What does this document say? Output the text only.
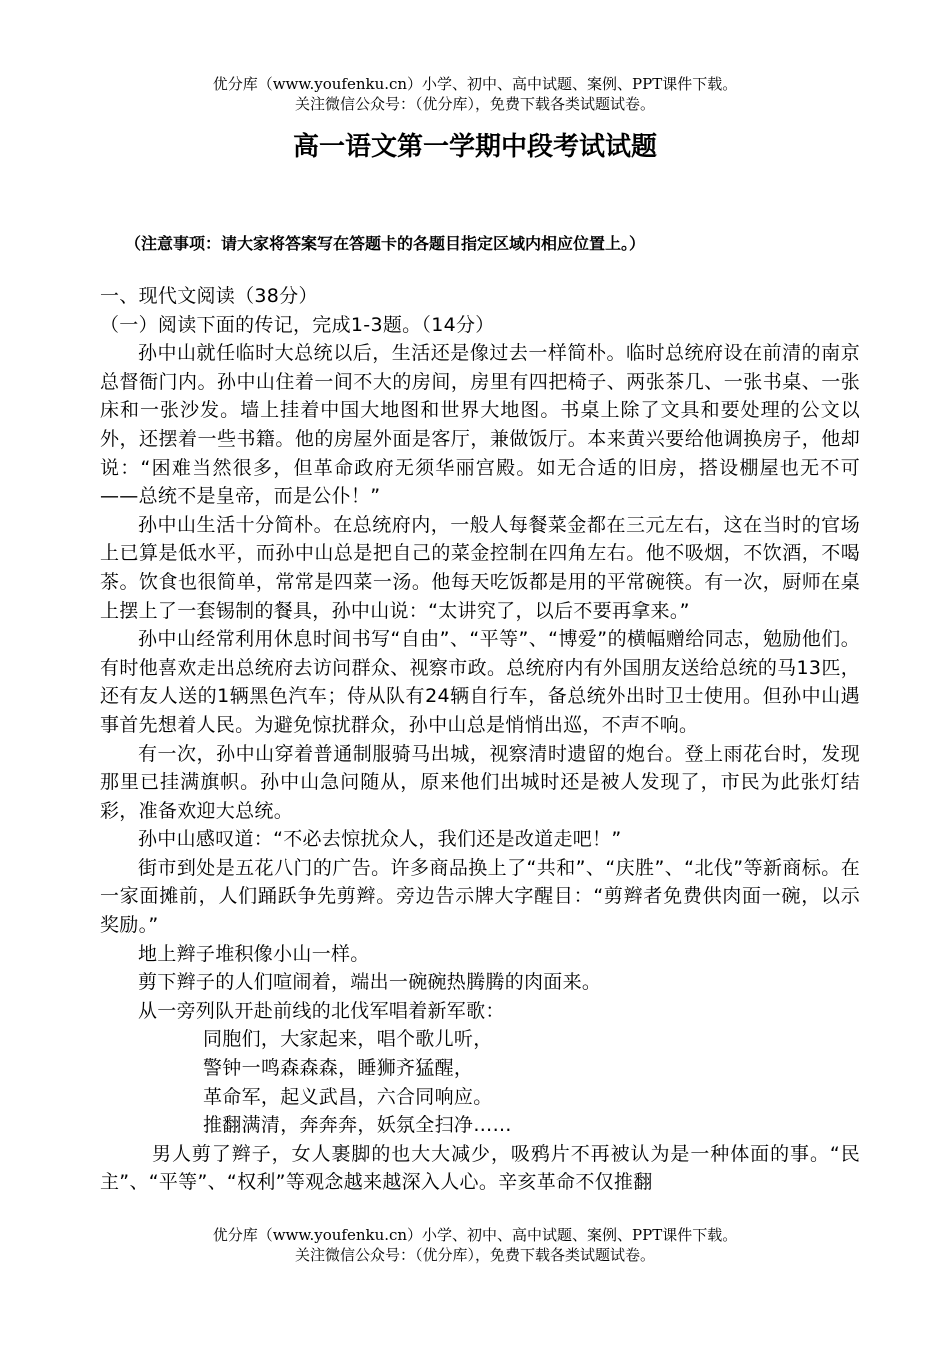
优分库（www.youfenku.cn）小学、初中、高中试题、案例、PPT课件下载。
关注微信公众号：（优分库），免费下载各类试题试卷。
高一语文第一学期中段考试试题
（注意事项：请大家将答案写在答题卡的各题目指定区域内相应位置上。）

一、现代文阅读（38分）

（一）阅读下面的传记，完成1-3题。（14分）

孙中山就任临时大总统以后，生活还是像过去一样简朴。临时总统府设在前清的南京总督衙门内。孙中山住着一间不大的房间，房里有四把椅子、两张茶几、一张书桌、一张床和一张沙发。墙上挂着中国大地图和世界大地图。书桌上除了文具和要处理的公文以外，还摆着一些书籍。他的房屋外面是客厅，兼做饭厅。本来黄兴要给他调换房子，他却说：“困难当然很多，但革命政府无须华丽宫殿。如无合适的旧房，搭设棚屋也无不可——总统不是皇帝，而是公仆！”

孙中山生活十分简朴。在总统府内，一般人每餐菜金都在三元左右，这在当时的官场上已算是低水平，而孙中山总是把自己的菜金控制在四角左右。他不吸烟，不饮酒，不喝茶。饮食也很简单，常常是四菜一汤。他每天吃饭都是用的平常碗筷。有一次，厨师在桌上摆上了一套锡制的餐具，孙中山说：“太讲究了，以后不要再拿来。”

孙中山经常利用休息时间书写“自由”、“平等”、“博爱”的横幅赠给同志，勉励他们。有时他喜欢走出总统府去访问群众、视察市政。总统府内有外国朋友送给总统的马13匹，还有友人送的1辆黑色汽车；侍从队有24辆自行车，备总统外出时卫士使用。但孙中山遇事首先想着人民。为避免惊扰群众，孙中山总是悄悄出巡，不声不响。

有一次，孙中山穿着普通制服骑马出城，视察清时遗留的炮台。登上雨花台时，发现那里已挂满旗帜。孙中山急问随从，原来他们出城时还是被人发现了，市民为此张灯结彩，准备欢迎大总统。

孙中山感叹道：“不必去惊扰众人，我们还是改道走吧！”

街市到处是五花八门的广告。许多商品换上了“共和”、“庆胜”、“北伐”等新商标。在一家面摊前，人们踊跃争先剪辫。旁边告示牌大字醒目：“剪辫者免费供肉面一碗，以示奖励。”

地上辫子堆积像小山一样。

剪下辫子的人们喧闹着，端出一碗碗热腾腾的肉面来。

从一旁列队开赴前线的北伐军唱着新军歌：

同胞们，大家起来，唱个歌儿听，

警钟一鸣森森森，睡狮齐猛醒，

革命军，起义武昌，六合同响应。

推翻满清，奔奔奔，妖氛全扫净……

男人剪了辫子，女人裹脚的也大大减少，吸鸦片不再被认为是一种体面的事。“民主”、“平等”、“权利”等观念越来越深入人心。辛亥革命不仅推翻

优分库（www.youfenku.cn）小学、初中、高中试题、案例、PPT课件下载。
关注微信公众号：（优分库），免费下载各类试题试卷。
